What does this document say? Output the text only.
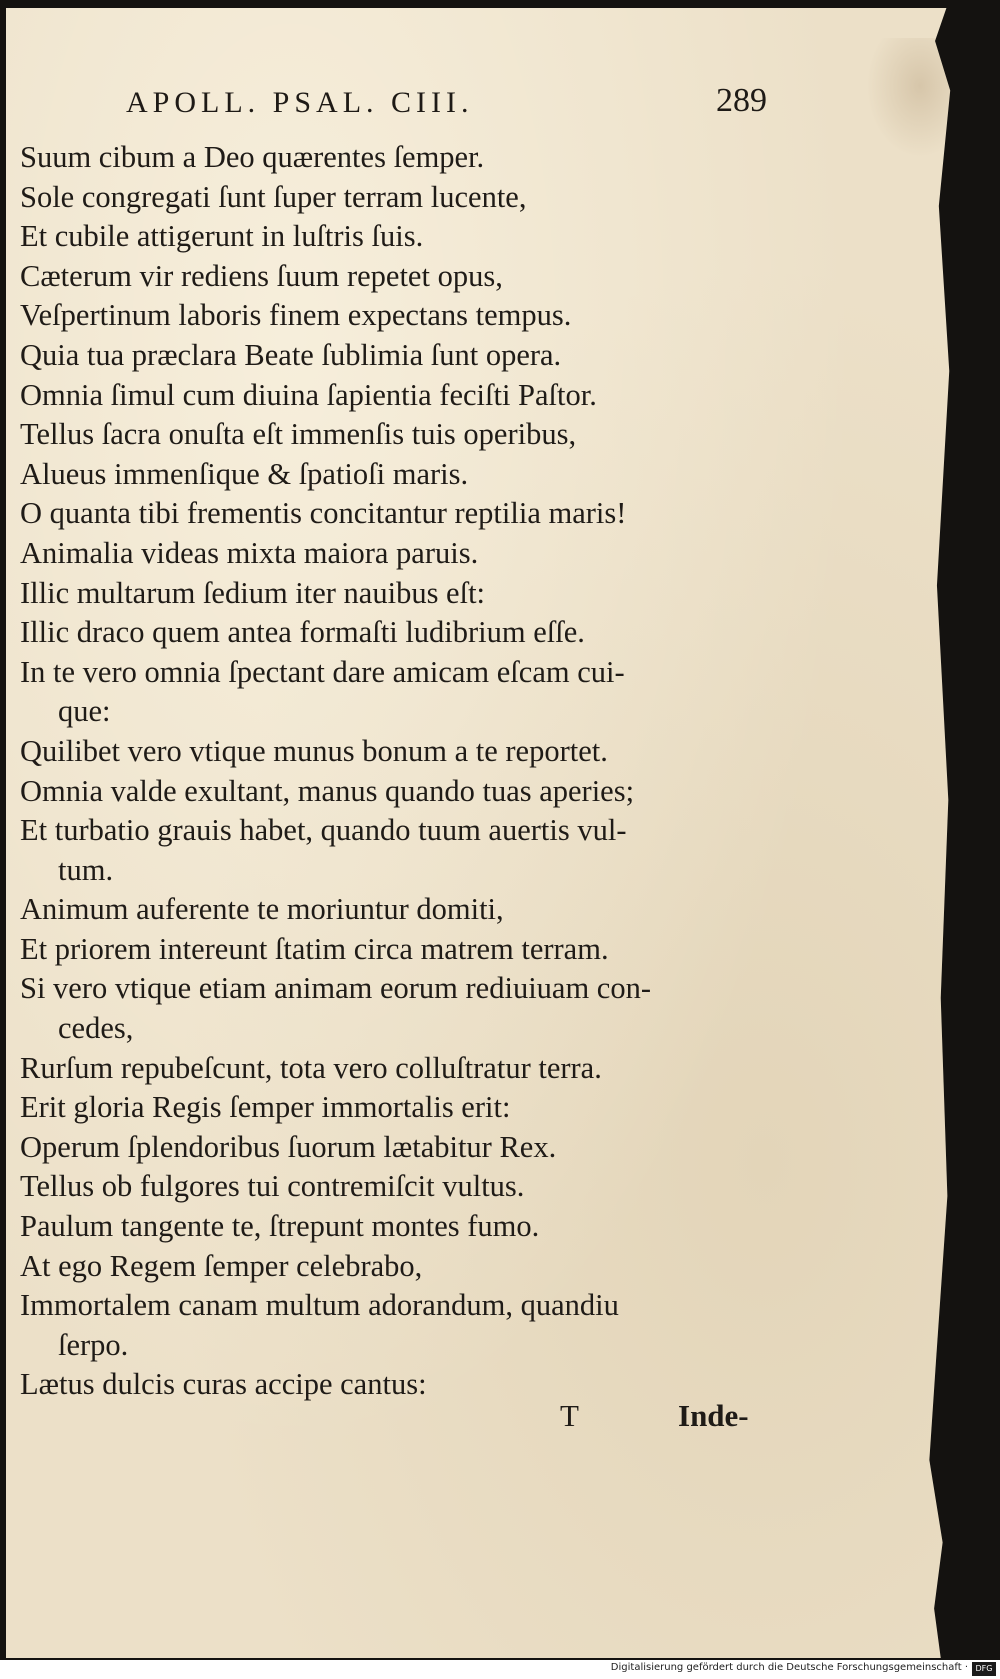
APOLL. PSAL. CIII.	289
Suum cibum a Deo quærentes ſemper.
Sole congregati ſunt ſuper terram lucente,
Et cubile attigerunt in luſtris ſuis.
Cæterum vir rediens ſuum repetet opus,
Veſpertinum laboris finem expectans tempus.
Quia tua præclara Beate ſublimia ſunt opera.
Omnia ſimul cum diuina ſapientia feciſti Paſtor.
Tellus ſacra onuſta eſt immenſis tuis operibus,
Alueus immenſique & ſpatioſi maris.
O quanta tibi frementis concitantur reptilia maris!
Animalia videas mixta maiora paruis.
Illic multarum ſedium iter nauibus eſt:
Illic draco quem antea formaſti ludibrium eſſe.
In te vero omnia ſpectant dare amicam eſcam cui-
que:
Quilibet vero vtique munus bonum a te reportet.
Omnia valde exultant, manus quando tuas aperies;
Et turbatio grauis habet, quando tuum auertis vul-
tum.
Animum auferente te moriuntur domiti,
Et priorem intereunt ſtatim circa matrem terram.
Si vero vtique etiam animam eorum rediuiuam con-
cedes,
Rurſum repubeſcunt, tota vero colluſtratur terra.
Erit gloria Regis ſemper immortalis erit:
Operum ſplendoribus ſuorum lætabitur Rex.
Tellus ob fulgores tui contremiſcit vultus.
Paulum tangente te, ſtrepunt montes fumo.
At ego Regem ſemper celebrabo,
Immortalem canam multum adorandum, quandiu
ſerpo.
Lætus dulcis curas accipe cantus:
T	Inde-
Digitalisierung gefördert durch die Deutsche Forschungsgemeinschaft · DFG
